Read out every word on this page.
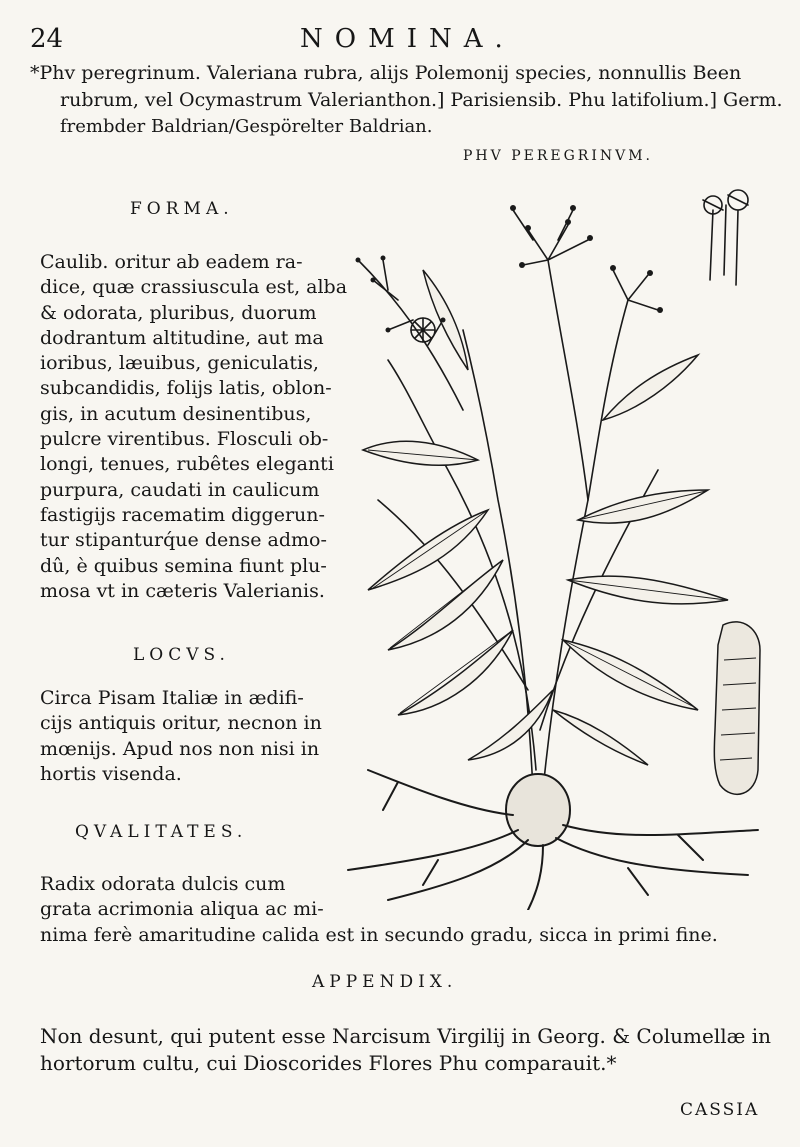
24	NOMINA.
*Phv peregrinum. Valeriana rubra, alijs Polemonij species, nonnullis Been
rubrum, vel Ocymastrum Valerianthon.] Parisiensib. Phu latifolium.] Germ.
frembder Baldrian/Gespörelter Baldrian.
PHV PEREGRINVM.
FORMA.
Caulib. oritur ab eadem ra-
dice, quæ crassiuscula est, alba
& odorata, pluribus, duorum
dodrantum altitudine, aut ma
ioribus, læuibus, geniculatis,
subcandidis, folijs latis, oblon-
gis, in acutum desinentibus,
pulcre virentibus. Flosculi ob-
longi, tenues, rubêtes eleganti
purpura, caudati in caulicum
fastigijs racematim diggerun-
tur stipanturq́ue dense admo-
dû, è quibus semina fiunt plu-
mosa vt in cæteris Valerianis.
LOCVS.
Circa Pisam Italiæ in ædifi-
cijs antiquis oritur, necnon in
mœnijs. Apud nos non nisi in
hortis visenda.
QVALITATES.
Radix odorata dulcis cum
grata acrimonia aliqua ac mi-
nima ferè amaritudine calida est in secundo gradu, sicca in primi fine.
APPENDIX.
Non desunt, qui putent esse Narcisum Virgilij in Georg. & Columellæ in
hortorum cultu, cui Dioscorides Flores Phu comparauit.*
CASSIA
